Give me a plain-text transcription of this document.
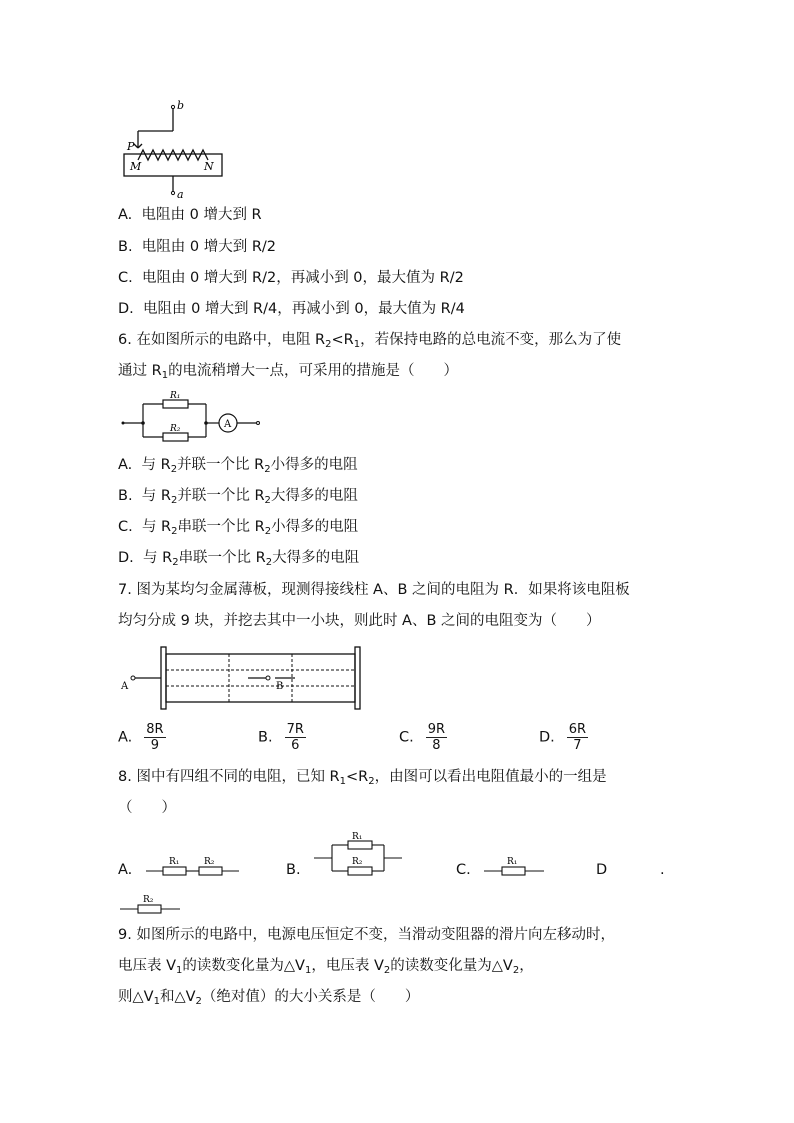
b
P
M	N
a
A. 电阻由 0 增大到 R
B. 电阻由 0 增大到 R/2
C. 电阻由 0 增大到 R/2，再减小到 0，最大值为 R/2
D. 电阻由 0 增大到 R/4，再减小到 0，最大值为 R/4
6. 在如图所示的电路中，电阻 $R_2<R_1$，若保持电路的总电流不变，那么为了使
通过 $R_1$的电流稍增大一点，可采用的措施是（　　）
R₁
R₂	A
A. 与 $R_2$并联一个比 $R_2$小得多的电阻
B. 与 $R_2$并联一个比 $R_2$大得多的电阻
C. 与 $R_2$串联一个比 $R_2$小得多的电阻
D. 与 $R_2$串联一个比 $R_2$大得多的电阻
7. 图为某均匀金属薄板，现测得接线柱 A、B 之间的电阻为 R．如果将该电阻板
均匀分成 9 块，并挖去其中一小块，则此时 A、B 之间的电阻变为（　　）
A	B
A. $\frac{8R}{9}$	B. $\frac{7R}{6}$	C. $\frac{9R}{8}$	D. $\frac{6R}{7}$
8. 图中有四组不同的电阻，已知 $R_1<R_2$，由图可以看出电阻值最小的一组是
（　　）
A.	R₁	R₂	B.
R₁
R₂	C.	R₁	D	.
R₂
9. 如图所示的电路中，电源电压恒定不变，当滑动变阻器的滑片向左移动时，
电压表 $V_1$的读数变化量为$\triangle V_1$，电压表 $V_2$的读数变化量为$\triangle V_2$，
则$\triangle V_1$和$\triangle V_2$（绝对值）的大小关系是（　　）
